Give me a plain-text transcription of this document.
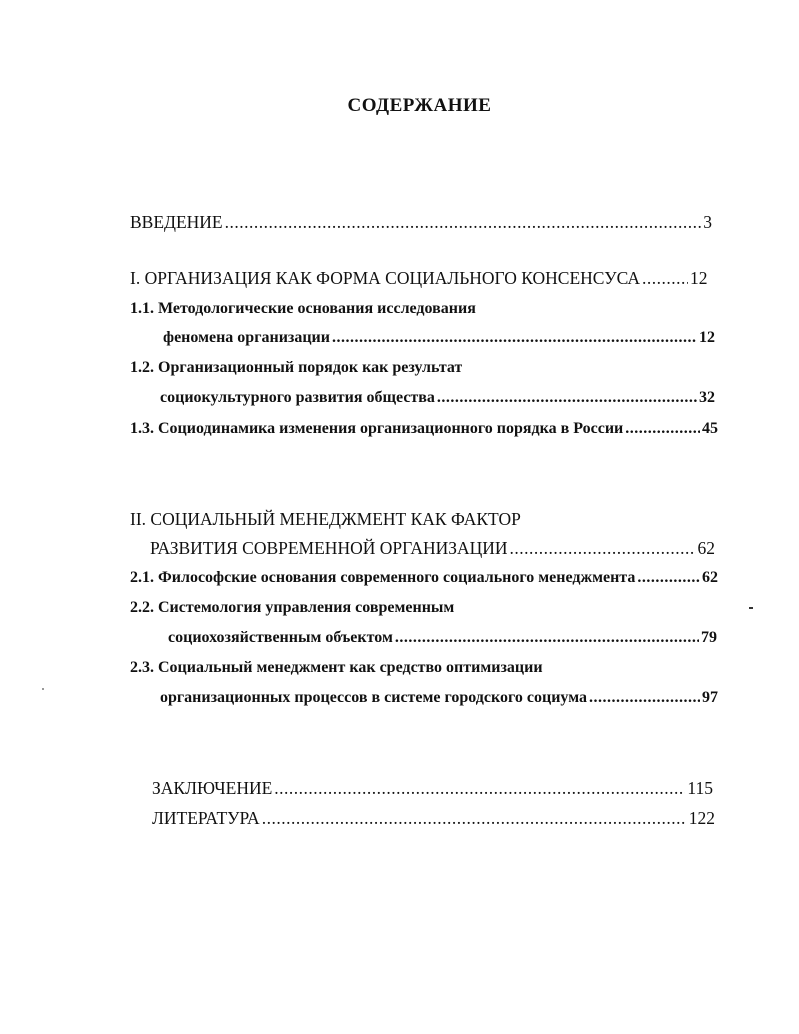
СОДЕРЖАНИЕ
ВВЕДЕНИЕ .....	3
I. ОРГАНИЗАЦИЯ КАК ФОРМА СОЦИАЛЬНОГО КОНСЕНСУСА .....	12
1.1. Методологические основания исследования
феномена организации .....	12
1.2. Организационный порядок как результат
социокультурного развития общества .....	32
1.3. Социодинамика изменения организационного порядка в России .....	45
II. СОЦИАЛЬНЫЙ МЕНЕДЖМЕНТ КАК ФАКТОР
РАЗВИТИЯ СОВРЕМЕННОЙ ОРГАНИЗАЦИИ .....	62
2.1. Философские основания современного социального менеджмента .....	62
2.2. Системология управления современным
социохозяйственным объектом .....	79
2.3. Социальный менеджмент как средство оптимизации
организационных процессов в системе городского социума .....	97
ЗАКЛЮЧЕНИЕ .....	115
ЛИТЕРАТУРА .....	122
